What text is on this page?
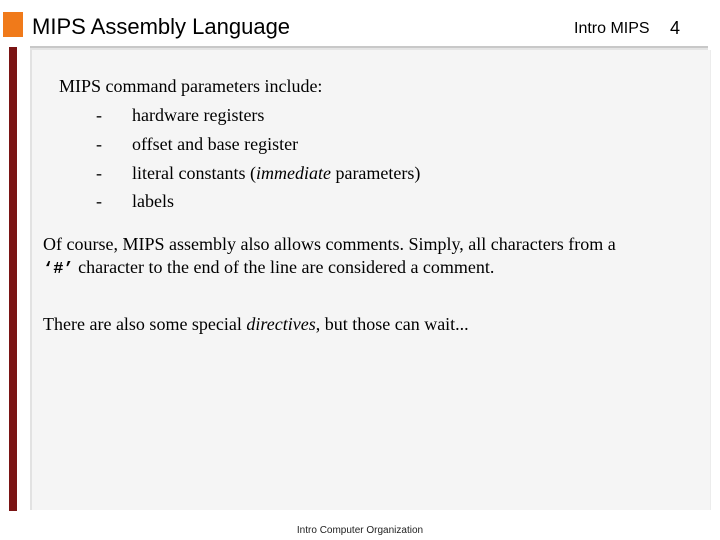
MIPS Assembly Language	Intro MIPS 4
MIPS command parameters include:
- hardware registers
- offset and base register
- literal constants (immediate parameters)
- labels
Of course, MIPS assembly also allows comments. Simply, all characters from a
‘#’ character to the end of the line are considered a comment.
There are also some special directives, but those can wait...
Intro Computer Organization
